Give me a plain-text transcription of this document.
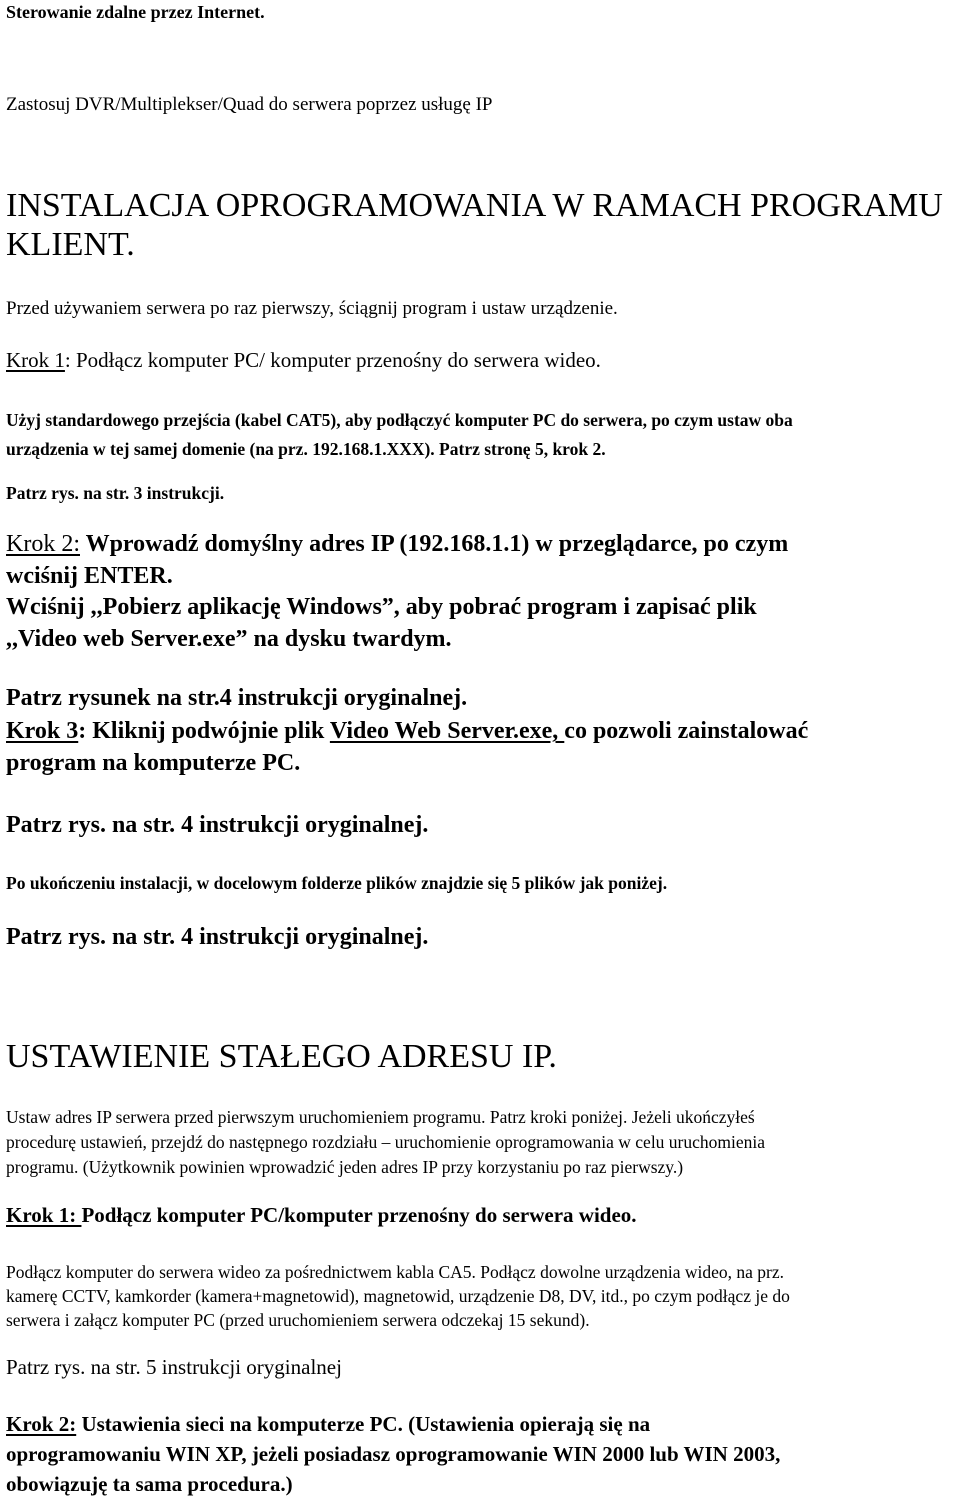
Sterowanie zdalne przez Internet.

Zastosuj DVR/Multiplekser/Quad do serwera poprzez usługę IP

INSTALACJA OPROGRAMOWANIA W RAMACH PROGRAMU

KLIENT.

Przed używaniem serwera po raz pierwszy, ściągnij program i ustaw urządzenie.

Krok 1: Podłącz komputer PC/ komputer przenośny do serwera wideo.

Użyj standardowego przejścia (kabel CAT5), aby podłączyć komputer PC do serwera, po czym ustaw oba

urządzenia w tej samej domenie (na prz. 192.168.1.XXX). Patrz stronę 5, krok 2.

Patrz rys. na str. 3 instrukcji.

Krok 2: Wprowadź domyślny adres IP (192.168.1.1) w przeglądarce, po czym

wciśnij ENTER.

Wciśnij ,,Pobierz aplikację Windows”, aby pobrać program i zapisać plik

,,Video web Server.exe” na dysku twardym.

Patrz rysunek na str.4 instrukcji oryginalnej.

Krok 3: Kliknij podwójnie plik Video Web Server.exe, co pozwoli zainstalować

program na komputerze PC.

Patrz rys. na str. 4 instrukcji oryginalnej.

Po ukończeniu instalacji, w docelowym folderze plików znajdzie się 5 plików jak poniżej.

Patrz rys. na str. 4 instrukcji oryginalnej.

USTAWIENIE STAŁEGO ADRESU IP.

Ustaw adres IP serwera przed pierwszym uruchomieniem programu. Patrz kroki poniżej. Jeżeli ukończyłeś

procedurę ustawień, przejdź do następnego rozdziału – uruchomienie oprogramowania w celu uruchomienia

programu. (Użytkownik powinien wprowadzić jeden adres IP przy korzystaniu po raz pierwszy.)

Krok 1: Podłącz komputer PC/komputer przenośny do serwera wideo.

Podłącz komputer do serwera wideo za pośrednictwem kabla CA5. Podłącz dowolne urządzenia wideo, na prz.

kamerę CCTV, kamkorder (kamera+magnetowid), magnetowid, urządzenie D8, DV, itd., po czym podłącz je do

serwera i załącz komputer PC (przed uruchomieniem serwera odczekaj 15 sekund).

Patrz rys. na str. 5 instrukcji oryginalnej

Krok 2: Ustawienia sieci na komputerze PC. (Ustawienia opierają się na

oprogramowaniu WIN XP, jeżeli posiadasz oprogramowanie WIN 2000 lub WIN 2003,

obowiązuję ta sama procedura.)
